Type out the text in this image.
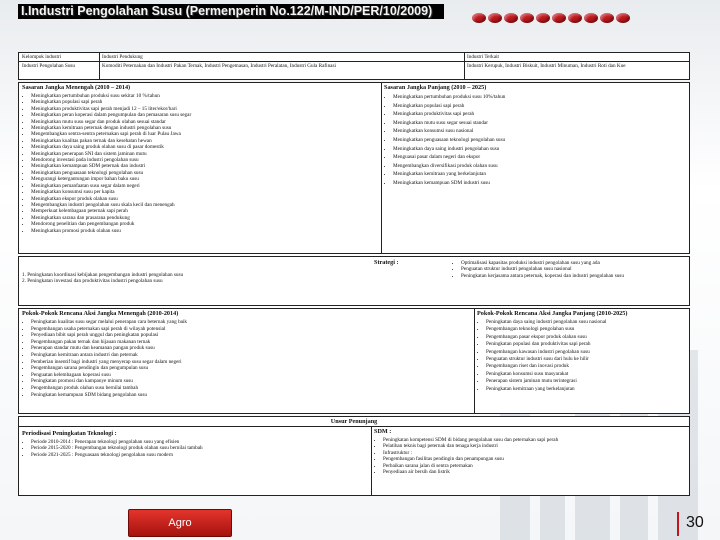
I.Industri Pengolahan Susu (Permenperin No.122/M-IND/PER/10/2009)
Kelompok industri	Industri Pendukung	Industri Terkait
Industri Pengolahan Susu	Komoditi Peternakan dan Industri Pakan Ternak, Industri Pengemasan, Industri Peralatan, Industri Gula Rafinasi	Industri Kerupuk, Industri Biskuit, Industri Minuman, Industri Roti dan Kue
Sasaran Jangka Menengah (2010 – 2014)
• Meningkatkan pertumbuhan produksi susu sekitar 10 %/tahun
• Meningkatkan populasi sapi perah
• Meningkatkan produktivitas sapi perah menjadi 12 – 15 liter/ekor/hari
• Meningkatkan peran koperasi dalam pengumpulan dan pemasaran susu segar
• Meningkatkan mutu susu segar dan produk olahan sesuai standar
• Meningkatkan kemitraan peternak dengan industri pengolahan susu
• Mengembangkan sentra-sentra peternakan sapi perah di luar Pulau Jawa
• Meningkatkan kualitas pakan ternak dan kesehatan hewan
• Meningkatkan daya saing produk olahan susu di pasar domestik
• Meningkatkan penerapan SNI dan sistem jaminan mutu
• Mendorong investasi pada industri pengolahan susu
• Meningkatkan kemampuan SDM peternak dan industri
• Meningkatkan penguasaan teknologi pengolahan susu
• Mengurangi ketergantungan impor bahan baku susu
• Meningkatkan pemanfaatan susu segar dalam negeri
• Meningkatkan konsumsi susu per kapita
• Meningkatkan ekspor produk olahan susu
• Mengembangkan industri pengolahan susu skala kecil dan menengah
• Memperkuat kelembagaan peternak sapi perah
• Meningkatkan sarana dan prasarana pendukung
• Mendorong penelitian dan pengembangan produk
• Meningkatkan promosi produk olahan susu
Sasaran Jangka Panjang (2010 – 2025)
• Meningkatkan pertumbuhan produksi susu 10%/tahun
• Meningkatkan populasi sapi perah
• Meningkatkan produktivitas sapi perah
• Meningkatkan mutu susu segar sesuai standar
• Meningkatkan konsumsi susu nasional
• Meningkatkan penguasaan teknologi pengolahan susu
• Meningkatkan daya saing industri pengolahan susu
• Menguasai pasar dalam negeri dan ekspor
• Mengembangkan diversifikasi produk olahan susu
• Meningkatkan kemitraan yang berkelanjutan
• Meningkatkan kemampuan SDM industri susu
1. Peningkatan koordinasi kebijakan pengembangan industri pengolahan susu
2. Peningkatan investasi dan produktivitas industri pengolahan susu
Strategi :
•	Optimalisasi kapasitas produksi industri pengolahan susu yang ada
• Penguatan struktur industri pengolahan susu nasional
• Peningkatan kerjasama antara peternak, koperasi dan industri pengolahan susu
Pokok-Pokok Rencana Aksi Jangka Menengah (2010-2014)
• Peningkatan kualitas susu segar melalui penerapan cara beternak yang baik
• Pengembangan usaha peternakan sapi perah di wilayah potensial
• Penyediaan bibit sapi perah unggul dan peningkatan populasi
• Pengembangan pakan ternak dan hijauan makanan ternak
• Penerapan standar mutu dan keamanan pangan produk susu
• Peningkatan kemitraan antara industri dan peternak
• Pemberian insentif bagi industri yang menyerap susu segar dalam negeri
• Pengembangan sarana pendingin dan pengumpulan susu
• Penguatan kelembagaan koperasi susu
• Peningkatan promosi dan kampanye minum susu
• Pengembangan produk olahan susu bernilai tambah
• Peningkatan kemampuan SDM bidang pengolahan susu
Pokok-Pokok Rencana Aksi Jangka Panjang (2010-2025)
• Peningkatan daya saing industri pengolahan susu nasional
• Pengembangan teknologi pengolahan susu
• Pengembangan pasar ekspor produk olahan susu
• Peningkatan populasi dan produktivitas sapi perah
• Pengembangan kawasan industri pengolahan susu
• Penguatan struktur industri susu dari hulu ke hilir
• Pengembangan riset dan inovasi produk
• Peningkatan konsumsi susu masyarakat
• Penerapan sistem jaminan mutu terintegrasi
• Peningkatan kemitraan yang berkelanjutan
Unsur Penunjang
Periodisasi Peningkatan Teknologi :
• Periode 2010-2014 : Penerapan teknologi pengolahan susu yang efisien
• Periode 2015-2020 : Pengembangan teknologi produk olahan susu bernilai tambah
• Periode 2021-2025 : Penguasaan teknologi pengolahan susu modern
SDM :
• Peningkatan kompetensi SDM di bidang pengolahan susu dan peternakan sapi perah
• Pelatihan teknis bagi peternak dan tenaga kerja industri
• Infrastruktur :
• Pengembangan fasilitas pendingin dan penampungan susu
• Perbaikan sarana jalan di sentra peternakan
• Penyediaan air bersih dan listrik
Agro	30
